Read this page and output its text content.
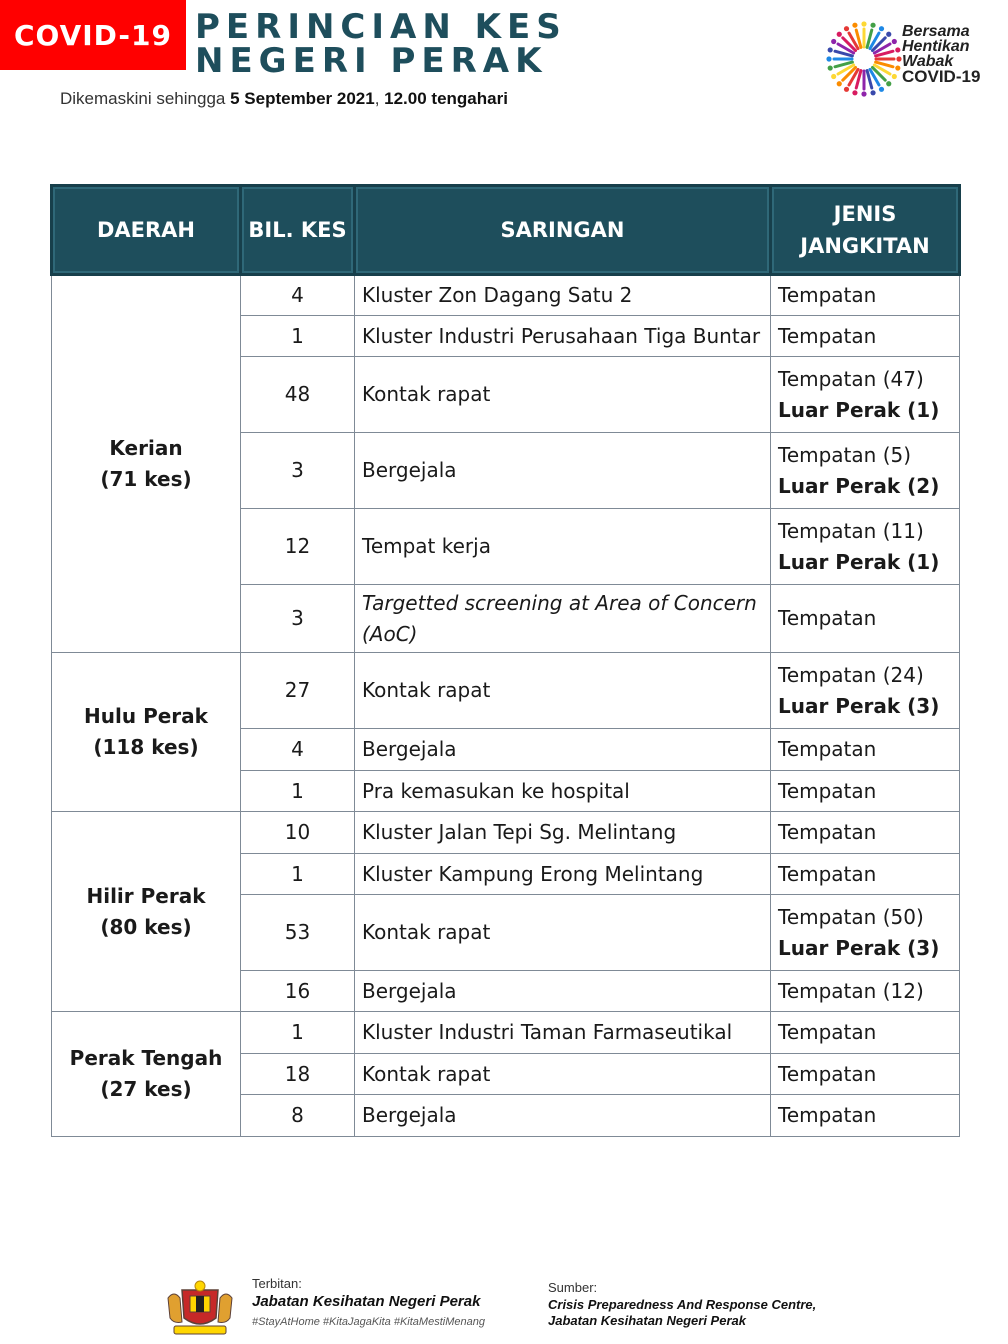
COVID-19 PERINCIAN KES
NEGERI PERAK
Dikemaskini sehingga 5 September 2021, 12.00 tengahari
Bersama
Hentikan
Wabak
COVID-19
DAERAH	BIL. KES	SARINGAN	JENIS
JANGKITAN
Kerian
(71 kes)	4	Kluster Zon Dagang Satu 2	Tempatan
	1	Kluster Industri Perusahaan Tiga Buntar	Tempatan
	48	Kontak rapat	Tempatan (47)
Luar Perak (1)
	3	Bergejala	Tempatan (5)
Luar Perak (2)
	12	Tempat kerja	Tempatan (11)
Luar Perak (1)
	3	Targetted screening at Area of Concern (AoC)	Tempatan
Hulu Perak
(118 kes)	27	Kontak rapat	Tempatan (24)
Luar Perak (3)
	4	Bergejala	Tempatan
	1	Pra kemasukan ke hospital	Tempatan
Hilir Perak
(80 kes)	10	Kluster Jalan Tepi Sg. Melintang	Tempatan
	1	Kluster Kampung Erong Melintang	Tempatan
	53	Kontak rapat	Tempatan (50)
Luar Perak (3)
	16	Bergejala	Tempatan (12)
Perak Tengah
(27 kes)	1	Kluster Industri Taman Farmaseutikal	Tempatan
	18	Kontak rapat	Tempatan
	8	Bergejala	Tempatan
Terbitan:
Jabatan Kesihatan Negeri Perak
#StayAtHome #KitaJagaKita #KitaMestiMenang
Sumber:
Crisis Preparedness And Response Centre,
Jabatan Kesihatan Negeri Perak
